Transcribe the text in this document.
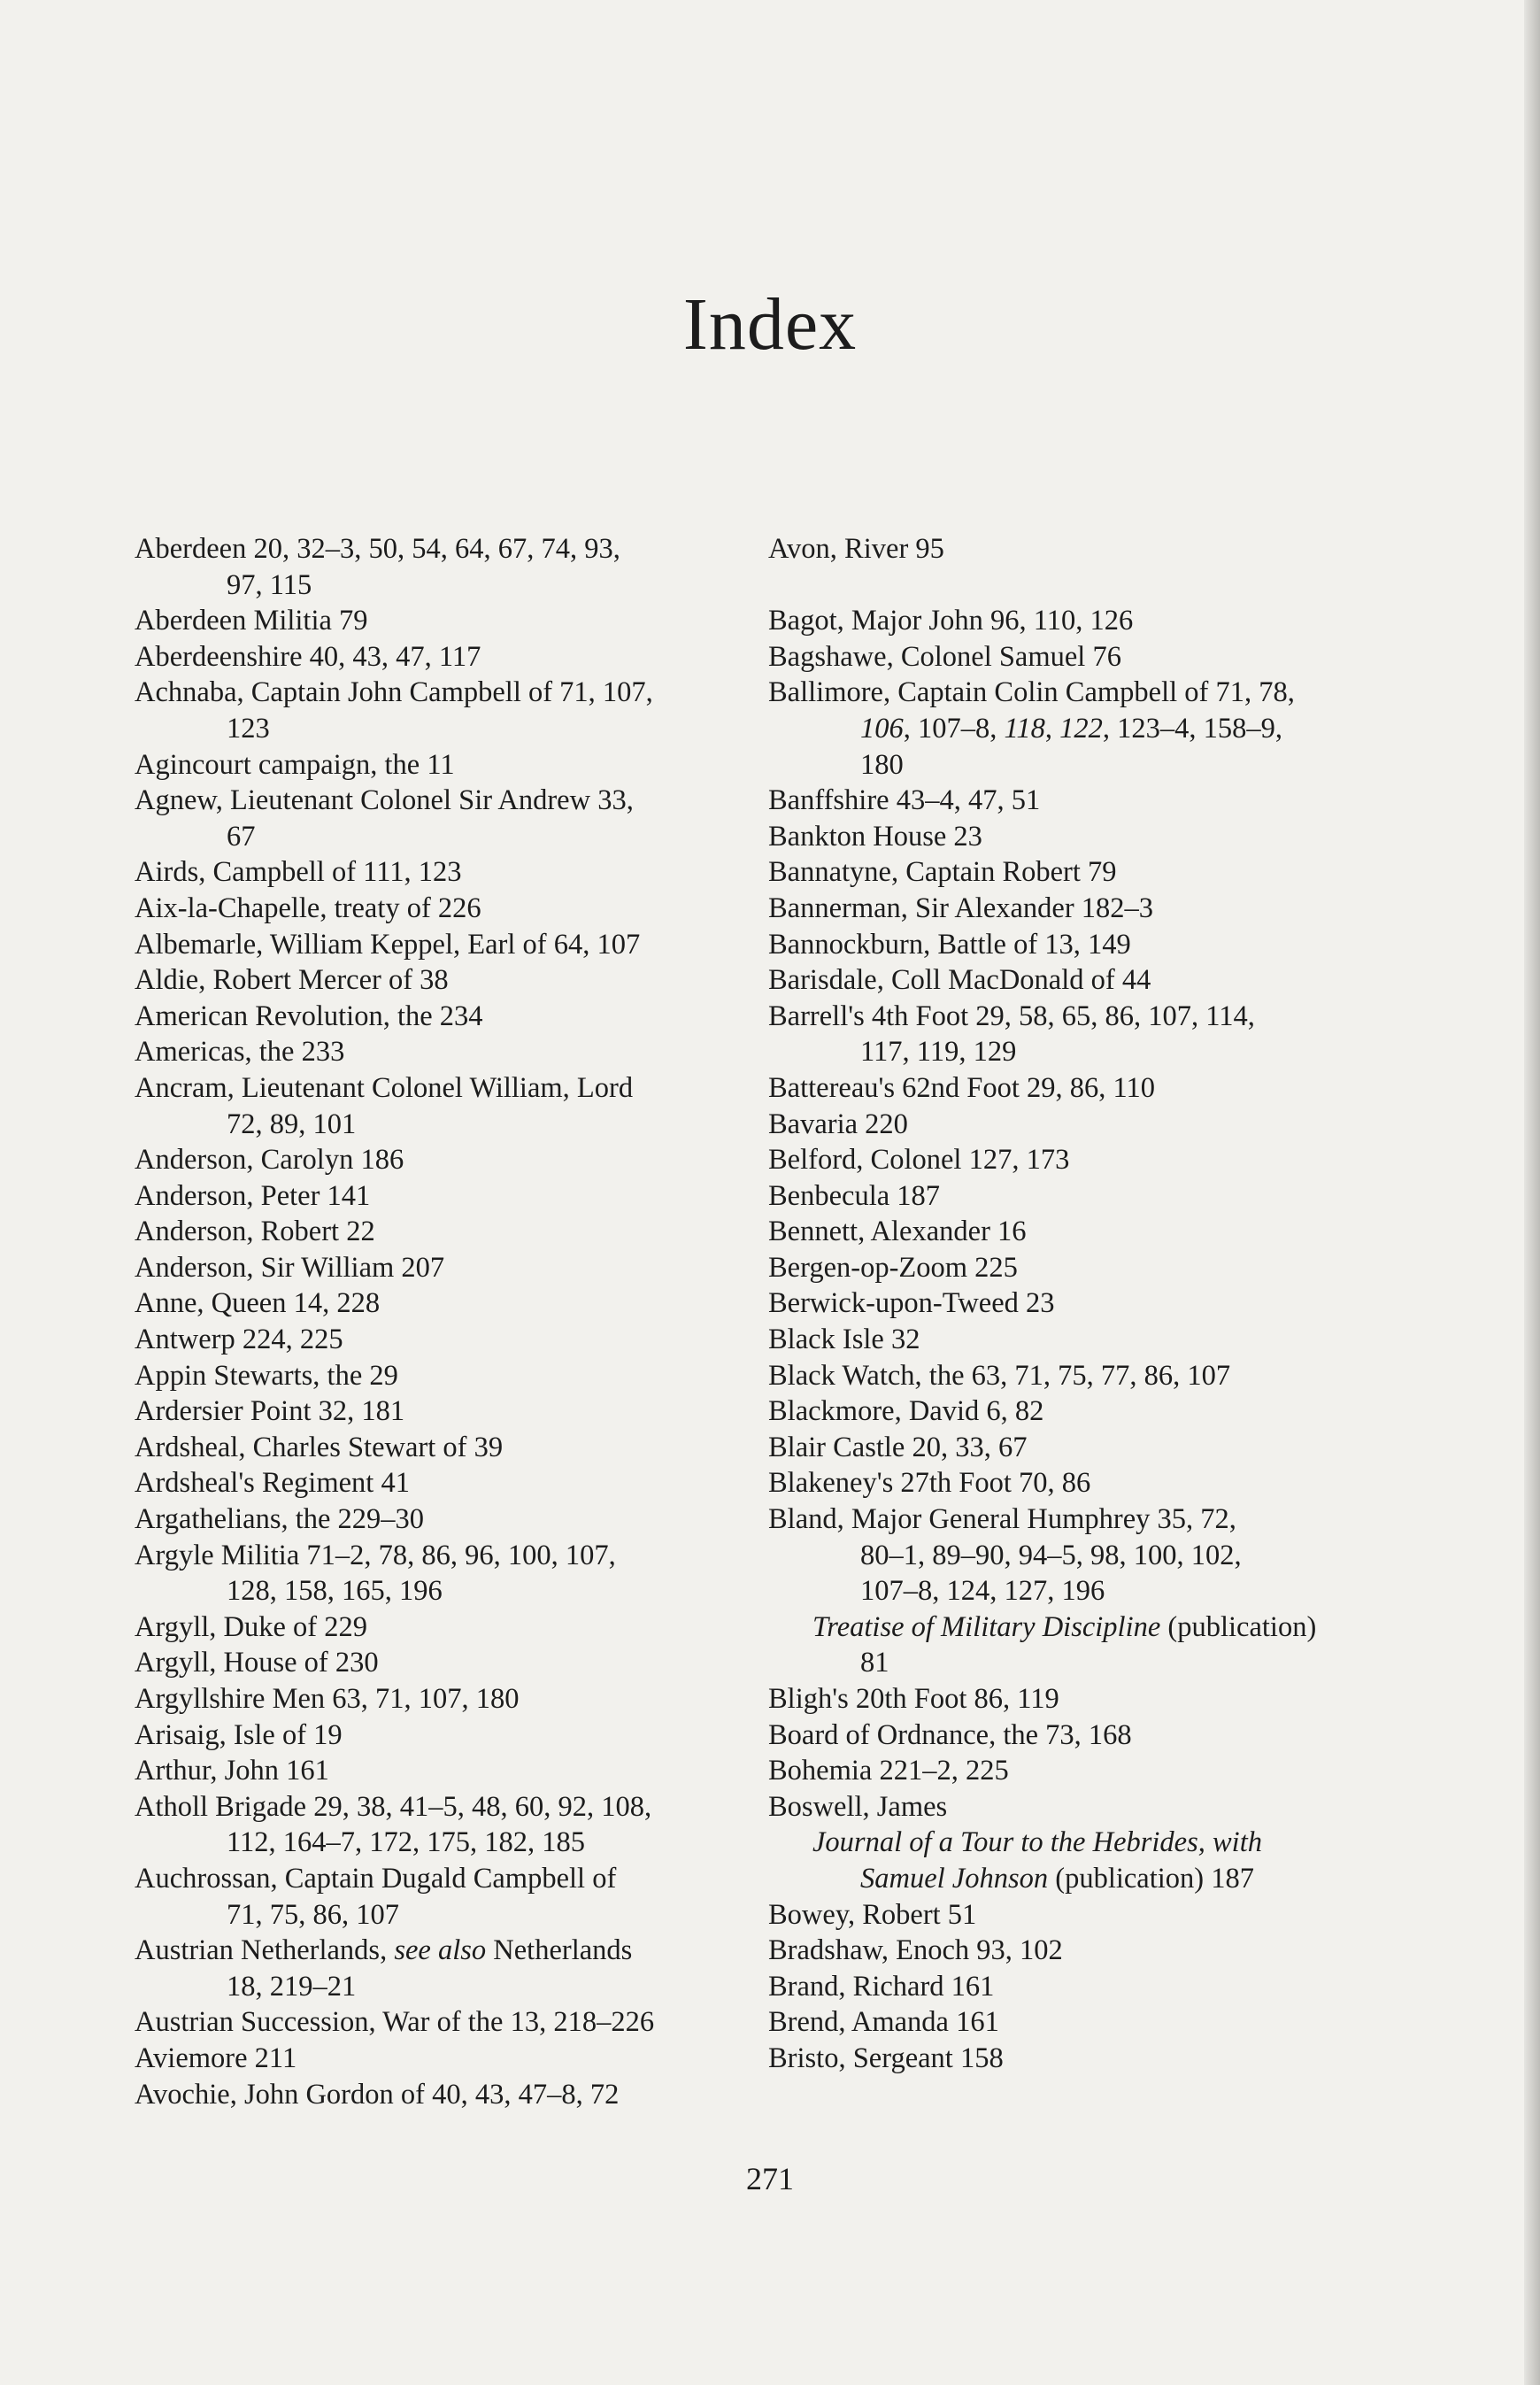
Index
Aberdeen 20, 32–3, 50, 54, 64, 67, 74, 93,
97, 115
Aberdeen Militia 79
Aberdeenshire 40, 43, 47, 117
Achnaba, Captain John Campbell of 71, 107,
123
Agincourt campaign, the 11
Agnew, Lieutenant Colonel Sir Andrew 33,
67
Airds, Campbell of 111, 123
Aix-la-Chapelle, treaty of 226
Albemarle, William Keppel, Earl of 64, 107
Aldie, Robert Mercer of 38
American Revolution, the 234
Americas, the 233
Ancram, Lieutenant Colonel William, Lord
72, 89, 101
Anderson, Carolyn 186
Anderson, Peter 141
Anderson, Robert 22
Anderson, Sir William 207
Anne, Queen 14, 228
Antwerp 224, 225
Appin Stewarts, the 29
Ardersier Point 32, 181
Ardsheal, Charles Stewart of 39
Ardsheal's Regiment 41
Argathelians, the 229–30
Argyle Militia 71–2, 78, 86, 96, 100, 107,
128, 158, 165, 196
Argyll, Duke of 229
Argyll, House of 230
Argyllshire Men 63, 71, 107, 180
Arisaig, Isle of 19
Arthur, John 161
Atholl Brigade 29, 38, 41–5, 48, 60, 92, 108,
112, 164–7, 172, 175, 182, 185
Auchrossan, Captain Dugald Campbell of
71, 75, 86, 107
Austrian Netherlands, see also Netherlands
18, 219–21
Austrian Succession, War of the 13, 218–226
Aviemore 211
Avochie, John Gordon of 40, 43, 47–8, 72
Avon, River 95
Bagot, Major John 96, 110, 126
Bagshawe, Colonel Samuel 76
Ballimore, Captain Colin Campbell of 71, 78,
106, 107–8, 118, 122, 123–4, 158–9,
180
Banffshire 43–4, 47, 51
Bankton House 23
Bannatyne, Captain Robert 79
Bannerman, Sir Alexander 182–3
Bannockburn, Battle of 13, 149
Barisdale, Coll MacDonald of 44
Barrell's 4th Foot 29, 58, 65, 86, 107, 114,
117, 119, 129
Battereau's 62nd Foot 29, 86, 110
Bavaria 220
Belford, Colonel 127, 173
Benbecula 187
Bennett, Alexander 16
Bergen-op-Zoom 225
Berwick-upon-Tweed 23
Black Isle 32
Black Watch, the 63, 71, 75, 77, 86, 107
Blackmore, David 6, 82
Blair Castle 20, 33, 67
Blakeney's 27th Foot 70, 86
Bland, Major General Humphrey 35, 72,
80–1, 89–90, 94–5, 98, 100, 102,
107–8, 124, 127, 196
Treatise of Military Discipline (publication)
81
Bligh's 20th Foot 86, 119
Board of Ordnance, the 73, 168
Bohemia 221–2, 225
Boswell, James
Journal of a Tour to the Hebrides, with
Samuel Johnson (publication) 187
Bowey, Robert 51
Bradshaw, Enoch 93, 102
Brand, Richard 161
Brend, Amanda 161
Bristo, Sergeant 158
271
